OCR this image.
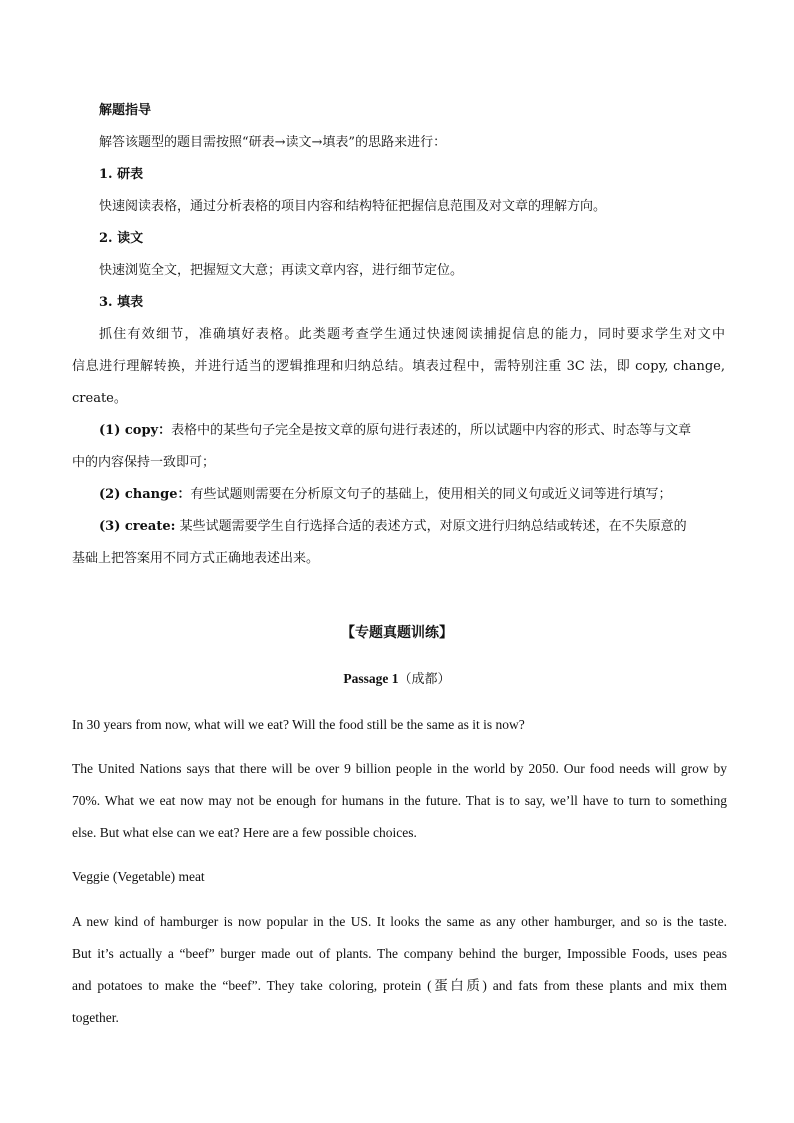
解题指导
解答该题型的题目需按照“研表→读文→填表”的思路来进行：
1. 研表
快速阅读表格，通过分析表格的项目内容和结构特征把握信息范围及对文章的理解方向。
2. 读文
快速浏览全文，把握短文大意；再读文章内容，进行细节定位。
3. 填表
抓住有效细节，准确填好表格。此类题考查学生通过快速阅读捕捉信息的能力，同时要求学生对文中
信息进行理解转换，并进行适当的逻辑推理和归纳总结。填表过程中，需特别注重 3C 法，即 copy, change,
create。
(1) copy：表格中的某些句子完全是按文章的原句进行表述的，所以试题中内容的形式、时态等与文章
中的内容保持一致即可；
(2) change：有些试题则需要在分析原文句子的基础上，使用相关的同义句或近义词等进行填写；
(3) create: 某些试题需要学生自行选择合适的表述方式，对原文进行归纳总结或转述，在不失原意的
基础上把答案用不同方式正确地表述出来。
【专题真题训练】
Passage 1（成都）
In 30 years from now, what will we eat? Will the food still be the same as it is now?
The United Nations says that there will be over 9 billion people in the world by 2050. Our food needs will grow by
70%. What we eat now may not be enough for humans in the future. That is to say, we’ll have to turn to something
else. But what else can we eat? Here are a few possible choices.
Veggie (Vegetable) meat
A new kind of hamburger is now popular in the US. It looks the same as any other hamburger, and so is the taste.
But it’s actually a “beef” burger made out of plants. The company behind the burger, Impossible Foods, uses peas
and potatoes to make the “beef”. They take coloring, protein (蛋白质) and fats from these plants and mix them
together.
